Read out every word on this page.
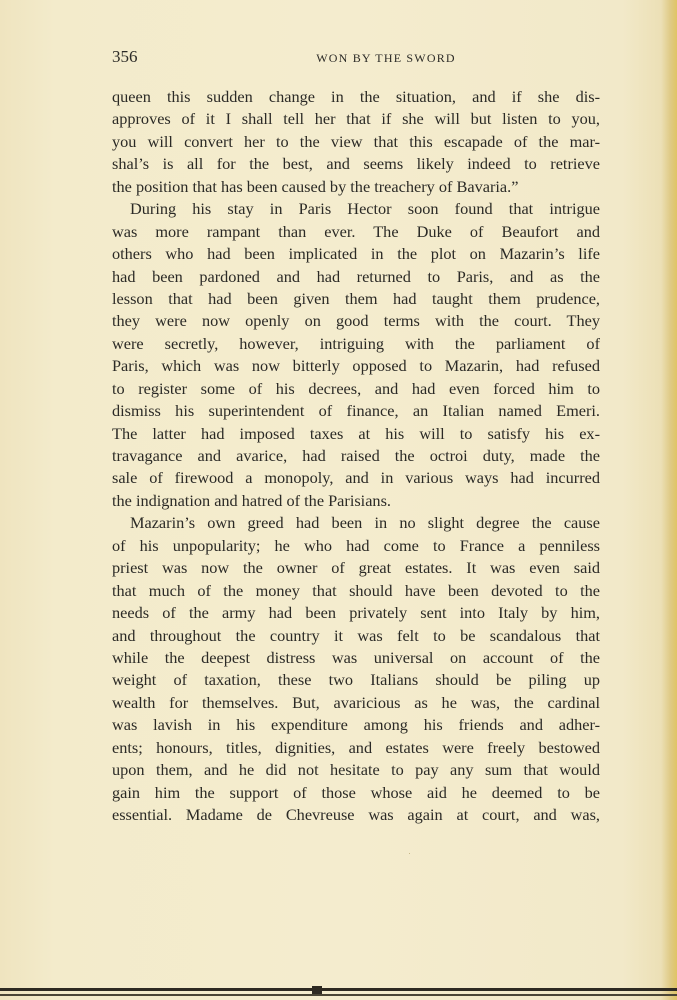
356	WON BY THE SWORD
queen this sudden change in the situation, and if she dis-
approves of it I shall tell her that if she will but listen to you,
you will convert her to the view that this escapade of the mar-
shal’s is all for the best, and seems likely indeed to retrieve
the position that has been caused by the treachery of Bavaria.”
During his stay in Paris Hector soon found that intrigue
was more rampant than ever. The Duke of Beaufort and
others who had been implicated in the plot on Mazarin’s life
had been pardoned and had returned to Paris, and as the
lesson that had been given them had taught them prudence,
they were now openly on good terms with the court. They
were secretly, however, intriguing with the parliament of
Paris, which was now bitterly opposed to Mazarin, had refused
to register some of his decrees, and had even forced him to
dismiss his superintendent of finance, an Italian named Emeri.
The latter had imposed taxes at his will to satisfy his ex-
travagance and avarice, had raised the octroi duty, made the
sale of firewood a monopoly, and in various ways had incurred
the indignation and hatred of the Parisians.
Mazarin’s own greed had been in no slight degree the cause
of his unpopularity; he who had come to France a penniless
priest was now the owner of great estates. It was even said
that much of the money that should have been devoted to the
needs of the army had been privately sent into Italy by him,
and throughout the country it was felt to be scandalous that
while the deepest distress was universal on account of the
weight of taxation, these two Italians should be piling up
wealth for themselves. But, avaricious as he was, the cardinal
was lavish in his expenditure among his friends and adher-
ents; honours, titles, dignities, and estates were freely bestowed
upon them, and he did not hesitate to pay any sum that would
gain him the support of those whose aid he deemed to be
essential. Madame de Chevreuse was again at court, and was,
